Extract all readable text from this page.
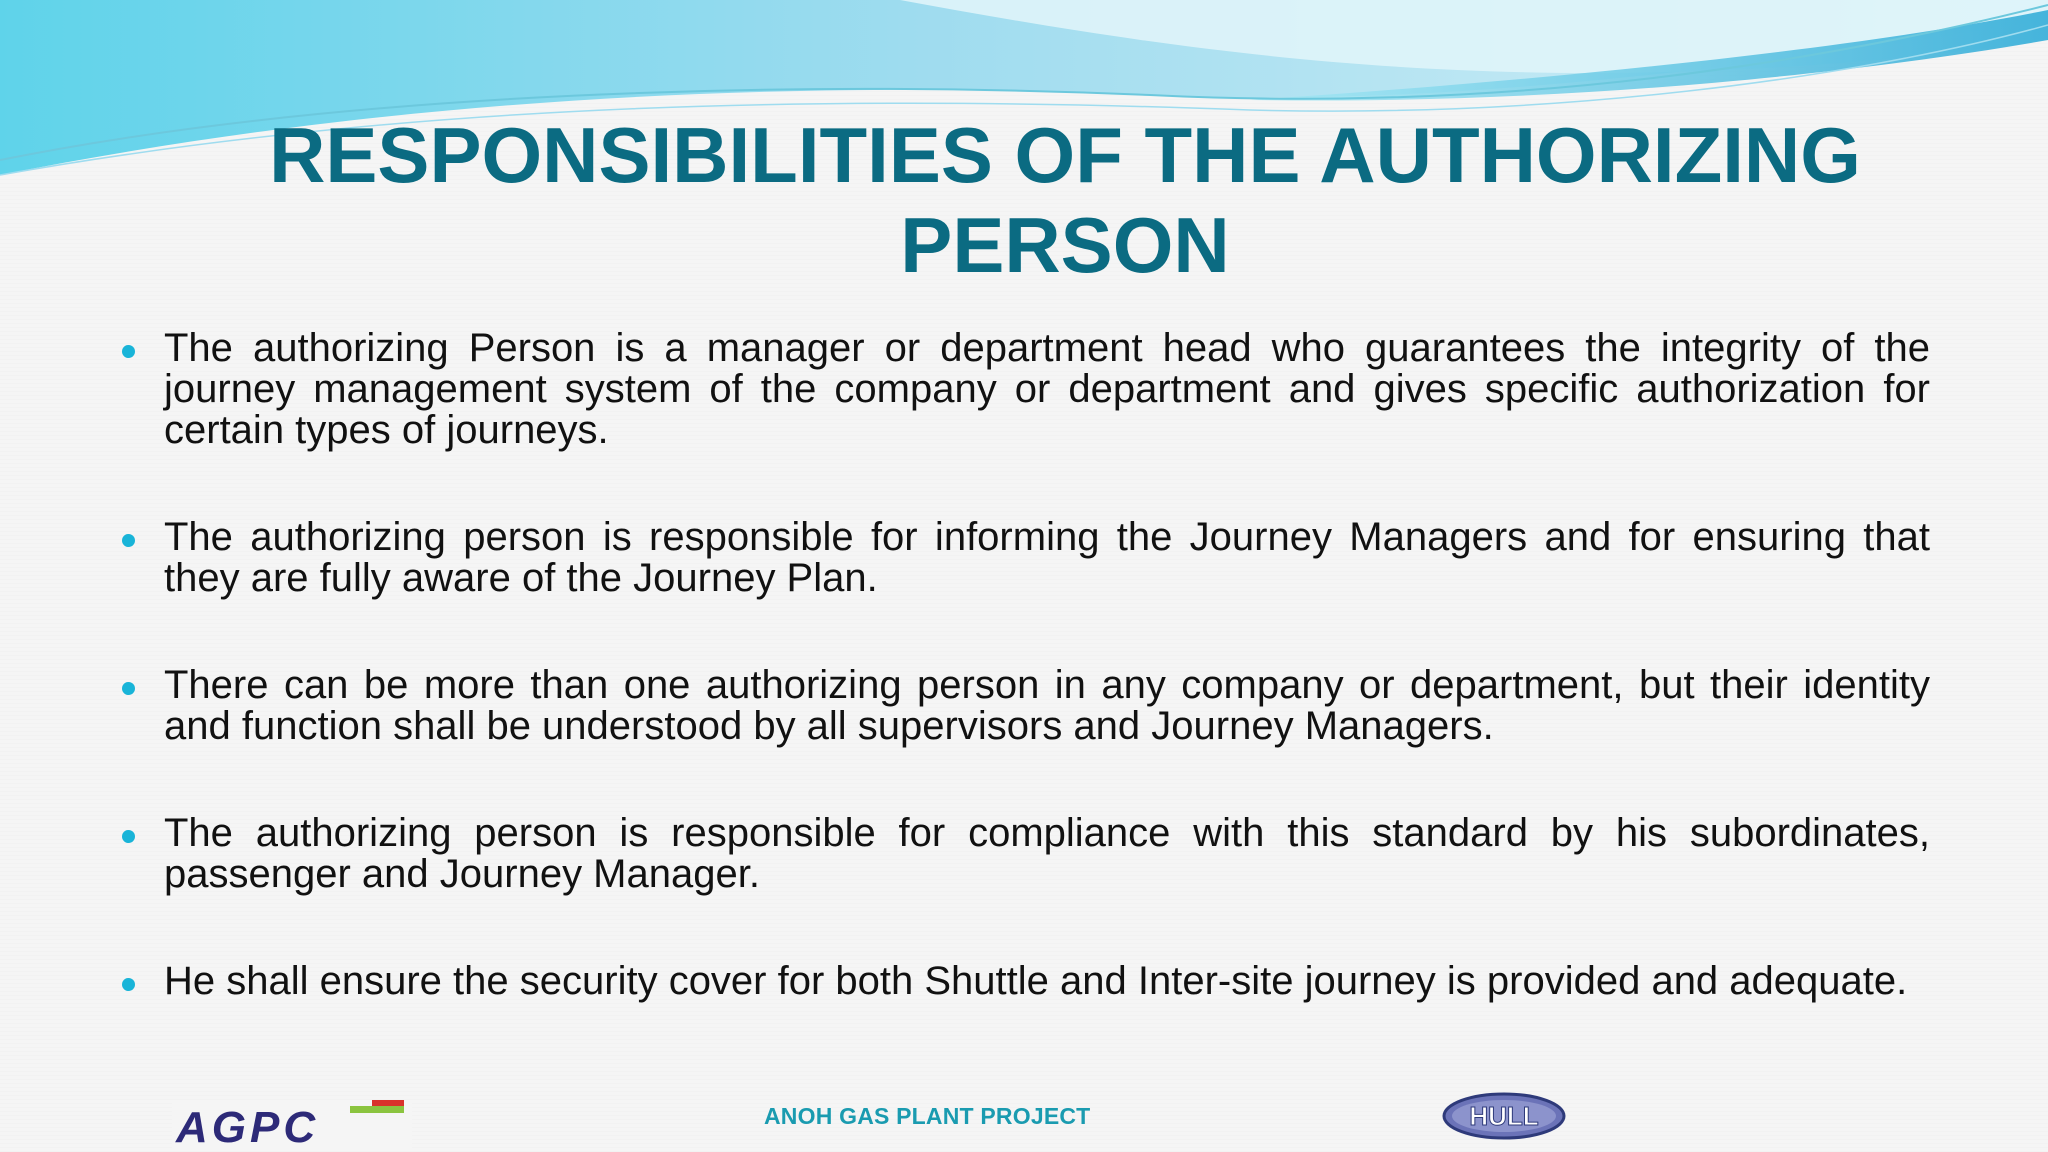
RESPONSIBILITIES OF THE AUTHORIZING PERSON
The authorizing Person is a manager or department head who guarantees the integrity of the journey management system of the company or department and gives specific authorization for certain types of journeys.
The authorizing person is responsible for informing the Journey Managers and for ensuring that they are fully aware of the Journey Plan.
There can be more than one authorizing person in any company or department, but their identity and function shall be understood by all supervisors and Journey Managers.
The authorizing person is responsible for compliance with this standard by his subordinates, passenger and Journey Manager.
He shall ensure the security cover for both Shuttle and Inter-site journey is provided and adequate.
AGPC	ANOH GAS PLANT PROJECT	HULL
